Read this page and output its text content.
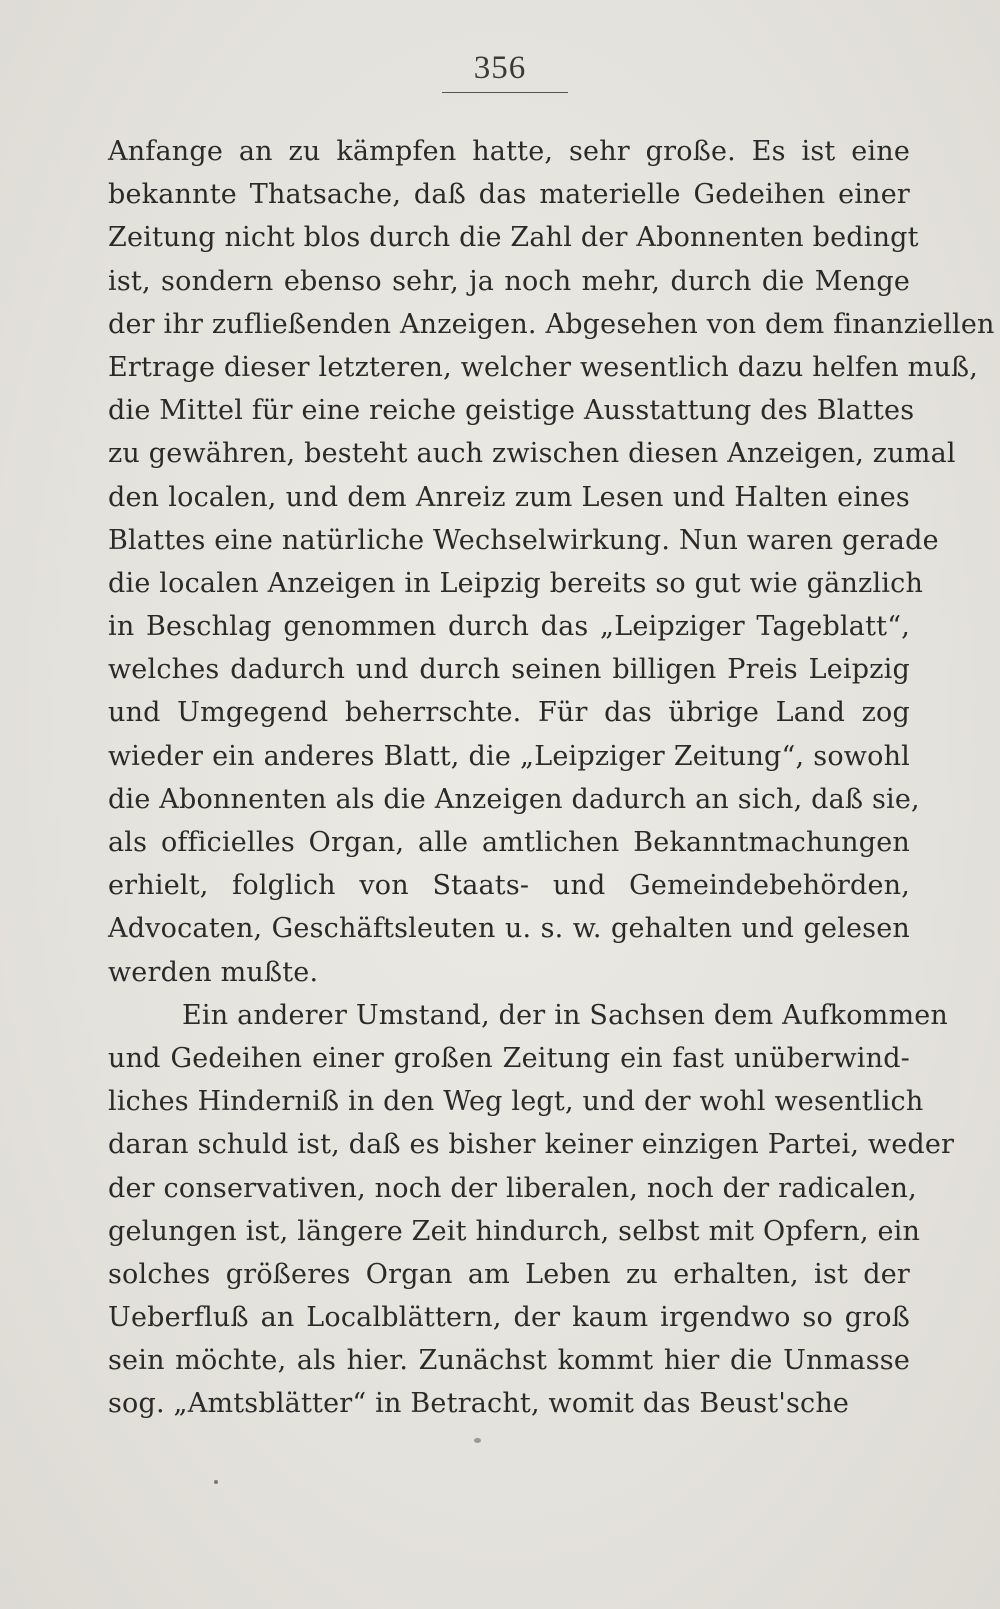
356
Anfange an zu kämpfen hatte, sehr große. Es ist eine
bekannte Thatsache, daß das materielle Gedeihen einer
Zeitung nicht blos durch die Zahl der Abonnenten bedingt
ist, sondern ebenso sehr, ja noch mehr, durch die Menge
der ihr zufließenden Anzeigen. Abgesehen von dem finanziellen
Ertrage dieser letzteren, welcher wesentlich dazu helfen muß,
die Mittel für eine reiche geistige Ausstattung des Blattes
zu gewähren, besteht auch zwischen diesen Anzeigen, zumal
den localen, und dem Anreiz zum Lesen und Halten eines
Blattes eine natürliche Wechselwirkung. Nun waren gerade
die localen Anzeigen in Leipzig bereits so gut wie gänzlich
in Beschlag genommen durch das „Leipziger Tageblatt“,
welches dadurch und durch seinen billigen Preis Leipzig
und Umgegend beherrschte. Für das übrige Land zog
wieder ein anderes Blatt, die „Leipziger Zeitung“, sowohl
die Abonnenten als die Anzeigen dadurch an sich, daß sie,
als officielles Organ, alle amtlichen Bekanntmachungen
erhielt, folglich von Staats- und Gemeindebehörden,
Advocaten, Geschäftsleuten u. s. w. gehalten und gelesen
werden mußte.
Ein anderer Umstand, der in Sachsen dem Aufkommen
und Gedeihen einer großen Zeitung ein fast unüberwind-
liches Hinderniß in den Weg legt, und der wohl wesentlich
daran schuld ist, daß es bisher keiner einzigen Partei, weder
der conservativen, noch der liberalen, noch der radicalen,
gelungen ist, längere Zeit hindurch, selbst mit Opfern, ein
solches größeres Organ am Leben zu erhalten, ist der
Ueberfluß an Localblättern, der kaum irgendwo so groß
sein möchte, als hier. Zunächst kommt hier die Unmasse
sog. „Amtsblätter“ in Betracht, womit das Beust'sche
